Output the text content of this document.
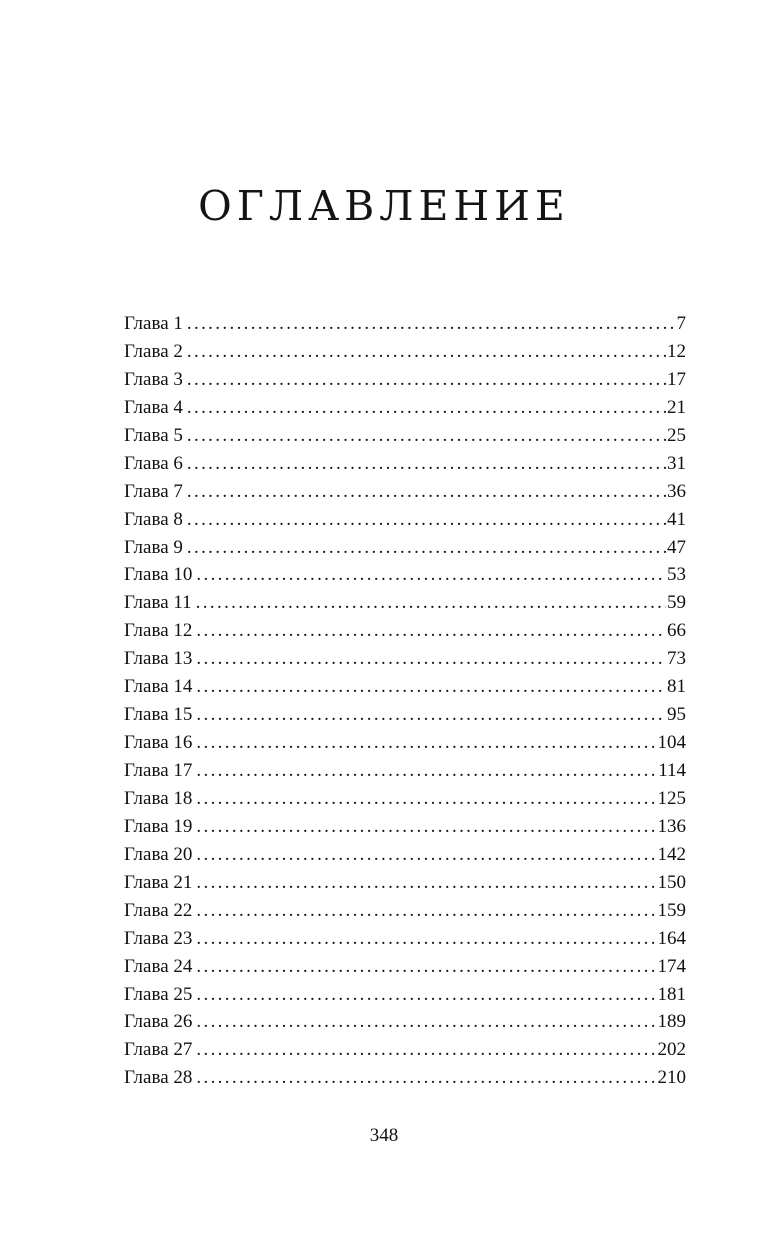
ОГЛАВЛЕНИЕ
Глава 1 . . .	7
Глава 2 . . .	12
Глава 3 . . .	17
Глава 4 . . .	21
Глава 5 . . .	25
Глава 6 . . .	31
Глава 7 . . .	36
Глава 8 . . .	41
Глава 9 . . .	47
Глава 10 . . .	53
Глава 11 . . .	59
Глава 12 . . .	66
Глава 13 . . .	73
Глава 14 . . .	81
Глава 15 . . .	95
Глава 16 . . .	104
Глава 17 . . .	114
Глава 18 . . .	125
Глава 19 . . .	136
Глава 20 . . .	142
Глава 21 . . .	150
Глава 22 . . .	159
Глава 23 . . .	164
Глава 24 . . .	174
Глава 25 . . .	181
Глава 26 . . .	189
Глава 27 . . .	202
Глава 28 . . .	210
348
